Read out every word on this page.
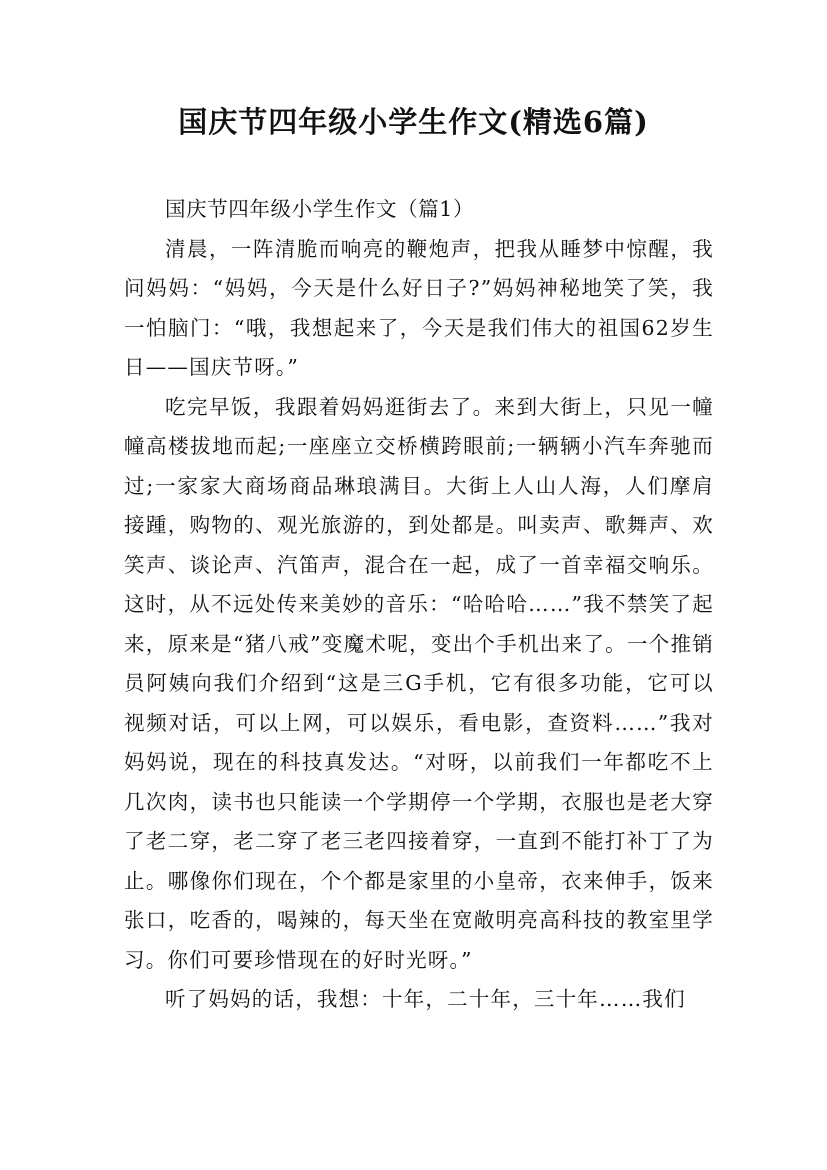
国庆节四年级小学生作文(精选6篇)

国庆节四年级小学生作文（篇1）

清晨，一阵清脆而响亮的鞭炮声，把我从睡梦中惊醒，我问妈妈：“妈妈，今天是什么好日子?”妈妈神秘地笑了笑，我一怕脑门：“哦，我想起来了，今天是我们伟大的祖国62岁生日——国庆节呀。”

吃完早饭，我跟着妈妈逛街去了。来到大街上，只见一幢幢高楼拔地而起;一座座立交桥横跨眼前;一辆辆小汽车奔驰而过;一家家大商场商品琳琅满目。大街上人山人海，人们摩肩接踵，购物的、观光旅游的，到处都是。叫卖声、歌舞声、欢笑声、谈论声、汽笛声，混合在一起，成了一首幸福交响乐。这时，从不远处传来美妙的音乐：“哈哈哈……”我不禁笑了起来，原来是“猪八戒”变魔术呢，变出个手机出来了。一个推销员阿姨向我们介绍到“这是三G手机，它有很多功能，它可以视频对话，可以上网，可以娱乐，看电影，查资料……”我对妈妈说，现在的科技真发达。“对呀，以前我们一年都吃不上几次肉，读书也只能读一个学期停一个学期，衣服也是老大穿了老二穿，老二穿了老三老四接着穿，一直到不能打补丁了为止。哪像你们现在，个个都是家里的小皇帝，衣来伸手，饭来张口，吃香的，喝辣的，每天坐在宽敞明亮高科技的教室里学习。你们可要珍惜现在的好时光呀。”

听了妈妈的话，我想：十年，二十年，三十年……我们
